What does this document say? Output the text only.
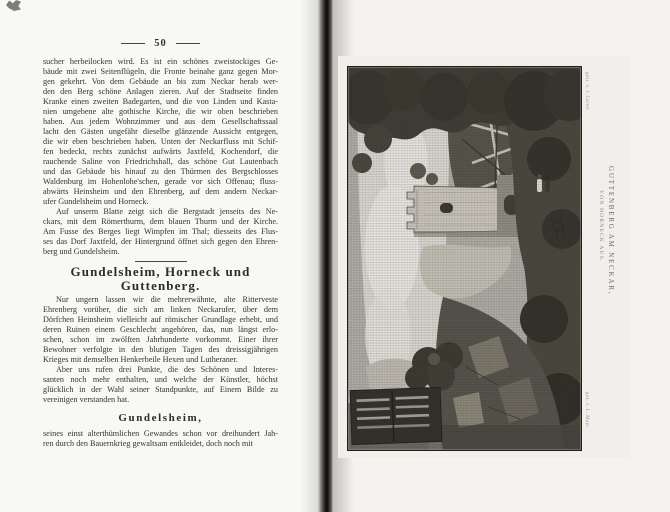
50
sucher herbeilocken wird. Es ist ein schönes zweistockiges Ge-
bäude mit zwei Seitenflügeln, die Fronte beinahe ganz gegen Mor-
gen gekehrt. Von dem Gebäude an bis zum Neckar herab wer-
den den Berg schöne Anlagen zieren. Auf der Stadtseite finden
Kranke einen zweiten Badegarten, und die von Linden und Kasta-
nien umgebene alte gothische Kirche, die wir oben beschrieben
haben. Aus jedem Wohnzimmer und aus dem Gesellschaftssaal
lacht den Gästen ungefähr dieselbe glänzende Aussicht entgegen,
die wir eben beschrieben haben. Unten der Neckarfluss mit Schif-
fen bedeckt, rechts zunächst aufwärts Jaxtfeld, Kochendorf, die
rauchende Saline von Friedrichshall, das schöne Gut Lautenbach
und das Gebäude bis hinauf zu den Thürmen des Bergschlosses
Waldenburg im Hohenlohe'schen, gerade vor sich Offenau; fluss-
abwärts Heinsheim und den Ehrenberg, auf dem andern Neckar-
ufer Gundelsheim und Horneck.
Auf unserm Blatte zeigt sich die Bergstadt jenseits des Ne-
ckars, mit dem Römerthurm, dem blauen Thurm und der Kirche.
Am Fusse des Berges liegt Wimpfen im Thal; diesseits des Flus-
ses das Dorf Jaxtfeld, der Hintergrund öffnet sich gegen den Ehren-
berg und Gundelsheim.
Gundelsheim, Horneck und
Guttenberg.
Nur ungern lassen wir die mehrerwähnte, alte Ritterveste
Ehrenberg vorüber, die sich am linken Neckarufer, über dem
Dörfchen Heinsheim vielleicht auf römischer Grundlage erhebt, und
deren Ruinen einem Geschlecht angehören, das, nun längst erlo-
schen, schon im zwölften Jahrhunderte vorkommt. Einer ihrer
Bewohner verfolgte in den blutigen Tagen des dreissigjährigen
Krieges mit demselben Henkerbeile Hexen und Lutheraner.
Aber uns rufen drei Punkte, die des Schönen und Interes-
santen noch mehr enthalten, und welche der Künstler, höchst
glücklich in der Wahl seiner Standpunkte, auf Einem Bilde zu
vereinigen verstanden hat.
Gundelsheim,
seines einst alterthümlichen Gewandes schon vor dreihundert Jah-
ren durch den Bauernkrieg gewaltsam entkleidet, doch noch mit
gest. v. J. Carter.
gez. v. L. Mayr.
GUTTENBERG AM NECKAR,
VON HORNECK AUS.
